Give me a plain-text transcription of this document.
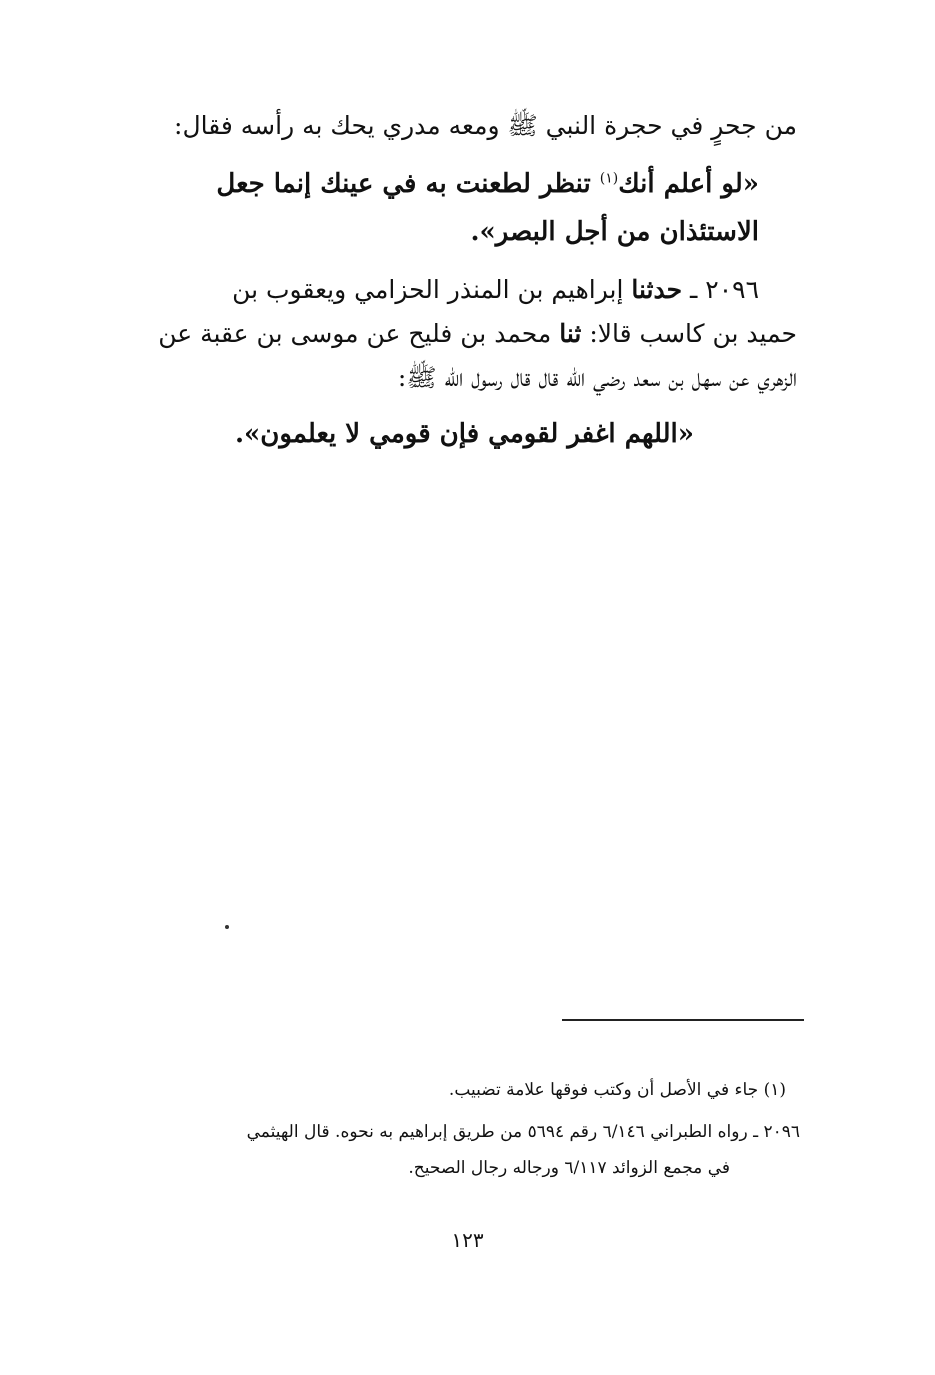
من جحرٍ في حجرة النبي ﷺ ومعه مدري يحك به رأسه فقال:

«لو أعلم أنك$^{(١)}$ تنظر لطعنت به في عينك إنما جعل
الاستئذان من أجل البصر».

٢٠٩٦ ـ حدثنا إبراهيم بن المنذر الحزامي ويعقوب بن
حميد بن كاسب قالا: ثنا محمد بن فليح عن موسى بن عقبة عن
الزهري عن سهل بن سعد رضي الله قال قال رسول الله ﷺ:

«اللهم اغفر لقومي فإن قومي لا يعلمون».

(١) جاء في الأصل أن وكتب فوقها علامة تضبيب.

٢٠٩٦ ـ رواه الطبراني ٦/١٤٦ رقم ٥٦٩٤ من طريق إبراهيم به نحوه. قال الهيثمي
في مجمع الزوائد ٦/١١٧ ورجاله رجال الصحيح.

١٢٣
